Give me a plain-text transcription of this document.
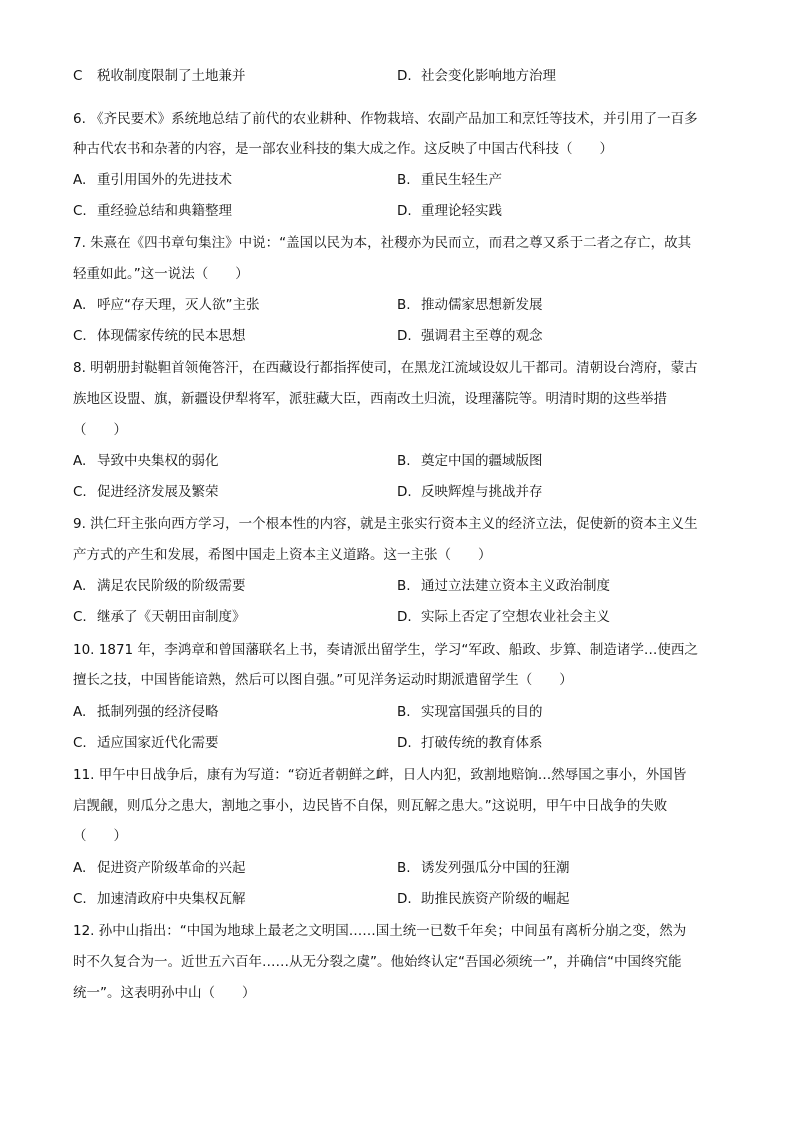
C 税收制度限制了土地兼并	D. 社会变化影响地方治理
6. 《齐民要术》系统地总结了前代的农业耕种、作物栽培、农副产品加工和烹饪等技术，并引用了一百多
种古代农书和杂著的内容，是一部农业科技的集大成之作。这反映了中国古代科技（　　）
A. 重引用国外的先进技术	B. 重民生轻生产
C. 重经验总结和典籍整理	D. 重理论轻实践
7. 朱熹在《四书章句集注》中说：“盖国以民为本，社稷亦为民而立，而君之尊又系于二者之存亡，故其
轻重如此。”这一说法（　　）
A. 呼应“存天理，灭人欲”主张	B. 推动儒家思想新发展
C. 体现儒家传统的民本思想	D. 强调君主至尊的观念
8. 明朝册封鞑靼首领俺答汗，在西藏设行都指挥使司，在黑龙江流域设奴儿干都司。清朝设台湾府，蒙古
族地区设盟、旗，新疆设伊犁将军，派驻藏大臣，西南改土归流，设理藩院等。明清时期的这些举措
（　　）
A. 导致中央集权的弱化	B. 奠定中国的疆域版图
C. 促进经济发展及繁荣	D. 反映辉煌与挑战并存
9. 洪仁玕主张向西方学习，一个根本性的内容，就是主张实行资本主义的经济立法，促使新的资本主义生
产方式的产生和发展，希图中国走上资本主义道路。这一主张（　　）
A. 满足农民阶级的阶级需要	B. 通过立法建立资本主义政治制度
C. 继承了《天朝田亩制度》	D. 实际上否定了空想农业社会主义
10. 1871 年，李鸿章和曾国藩联名上书，奏请派出留学生，学习“军政、船政、步算、制造诸学…使西之
擅长之技，中国皆能谙熟，然后可以图自强。”可见洋务运动时期派遣留学生（　　）
A. 抵制列强的经济侵略	B. 实现富国强兵的目的
C. 适应国家近代化需要	D. 打破传统的教育体系
11. 甲午中日战争后，康有为写道：“窃近者朝鲜之衅，日人内犯，致割地赔饷…然辱国之事小，外国皆
启觊觎，则瓜分之患大，割地之事小，边民皆不自保，则瓦解之患大。”这说明，甲午中日战争的失败
（　　）
A. 促进资产阶级革命的兴起	B. 诱发列强瓜分中国的狂潮
C. 加速清政府中央集权瓦解	D. 助推民族资产阶级的崛起
12. 孙中山指出：“中国为地球上最老之文明国……国土统一已数千年矣；中间虽有离析分崩之变，然为
时不久复合为一。近世五六百年……从无分裂之虞”。他始终认定“吾国必须统一”，并确信“中国终究能
统一”。这表明孙中山（　　）
